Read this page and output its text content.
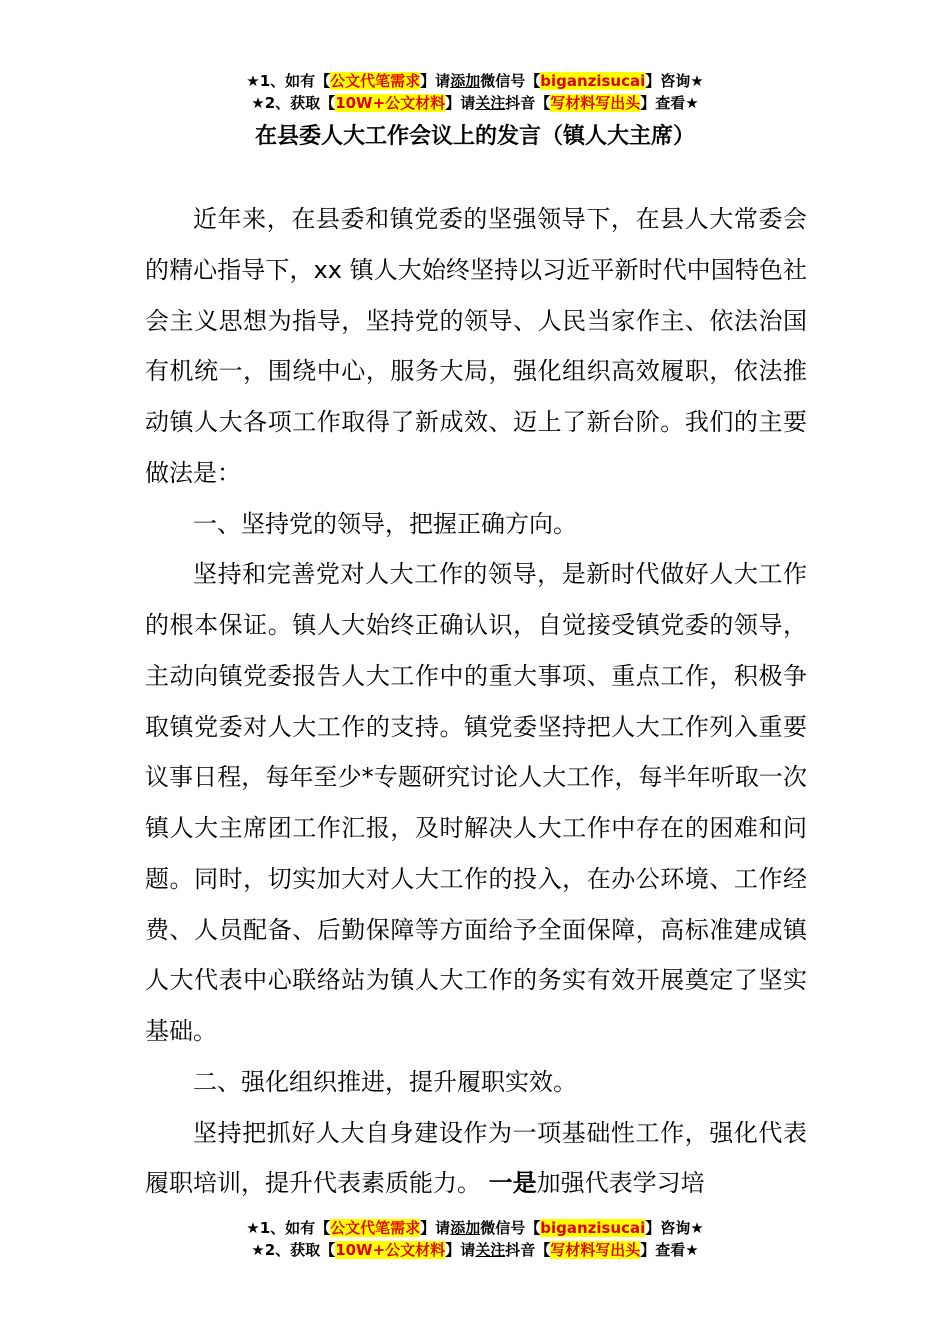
★1、如有【公文代笔需求】请添加微信号【biganzisucai】咨询★
★2、获取【10W+公文材料】请关注抖音【写材料写出头】查看★
在县委人大工作会议上的发言（镇人大主席）

近年来，在县委和镇党委的坚强领导下，在县人大常委会的精心指导下，xx 镇人大始终坚持以习近平新时代中国特色社会主义思想为指导，坚持党的领导、人民当家作主、依法治国有机统一，围绕中心，服务大局，强化组织高效履职，依法推动镇人大各项工作取得了新成效、迈上了新台阶。我们的主要做法是：

一、坚持党的领导，把握正确方向。

坚持和完善党对人大工作的领导，是新时代做好人大工作的根本保证。镇人大始终正确认识，自觉接受镇党委的领导，主动向镇党委报告人大工作中的重大事项、重点工作，积极争取镇党委对人大工作的支持。镇党委坚持把人大工作列入重要议事日程，每年至少*专题研究讨论人大工作，每半年听取一次镇人大主席团工作汇报，及时解决人大工作中存在的困难和问题。同时，切实加大对人大工作的投入，在办公环境、工作经费、人员配备、后勤保障等方面给予全面保障，高标准建成镇人大代表中心联络站为镇人大工作的务实有效开展奠定了坚实基础。

二、强化组织推进，提升履职实效。

坚持把抓好人大自身建设作为一项基础性工作，强化代表履职培训，提升代表素质能力。 一是加强代表学习培

★1、如有【公文代笔需求】请添加微信号【biganzisucai】咨询★
★2、获取【10W+公文材料】请关注抖音【写材料写出头】查看★
